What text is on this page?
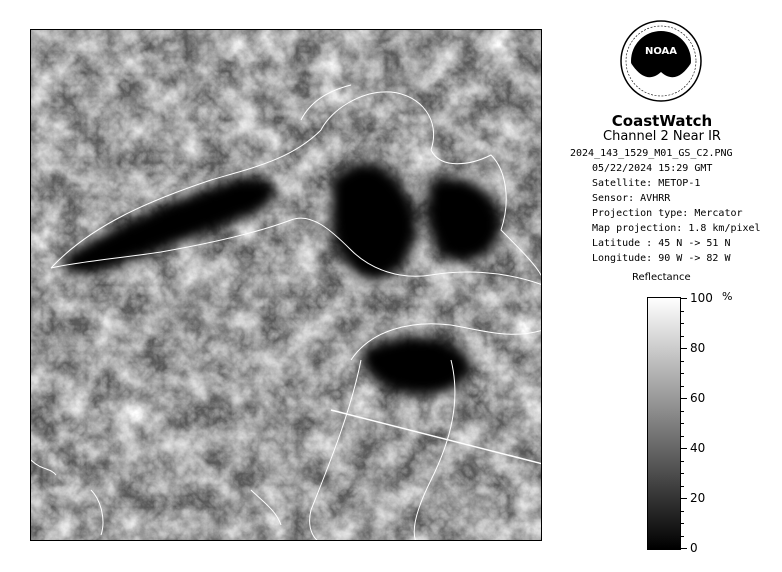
NOAA
CoastWatch
Channel 2 Near IR
2024_143_1529_M01_GS_C2.PNG
05/22/2024 15:29 GMT
Satellite: METOP-1
Sensor: AVHRR
Projection type: Mercator
Map projection: 1.8 km/pixel
Latitude : 45 N -> 51 N
Longitude: 90 W -> 82 W
Reflectance
%
100
80
60
40
20
0
